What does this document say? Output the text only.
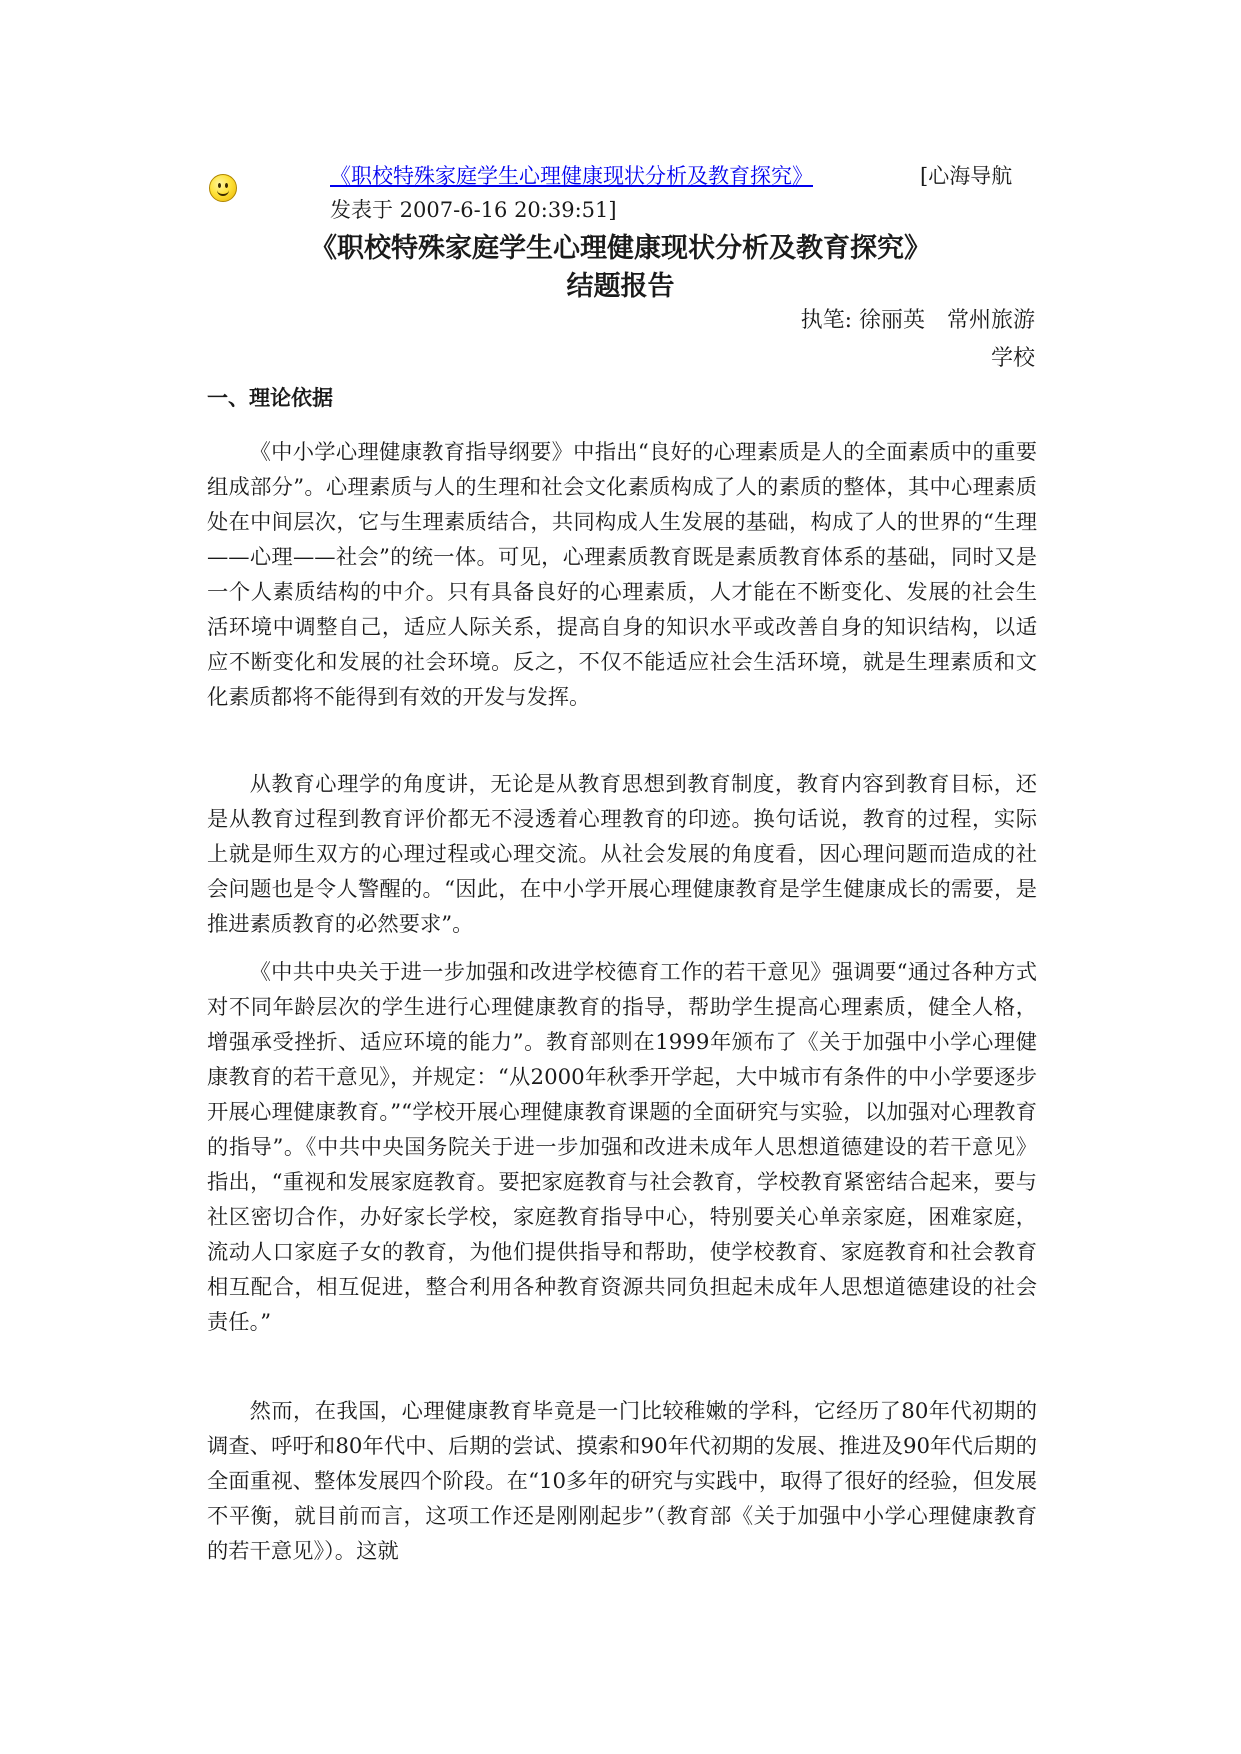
《职校特殊家庭学生心理健康现状分析及教育探究》	[心海导航
发表于 2007-6-16 20:39:51]
《职校特殊家庭学生心理健康现状分析及教育探究》
结题报告
执笔: 徐丽英　常州旅游
学校
一、理论依据

《中小学心理健康教育指导纲要》中指出“良好的心理素质是人的全面素质中的重要组成部分”。心理素质与人的生理和社会文化素质构成了人的素质的整体，其中心理素质处在中间层次，它与生理素质结合，共同构成人生发展的基础，构成了人的世界的“生理——心理——社会”的统一体。可见，心理素质教育既是素质教育体系的基础，同时又是一个人素质结构的中介。只有具备良好的心理素质，人才能在不断变化、发展的社会生活环境中调整自己，适应人际关系，提高自身的知识水平或改善自身的知识结构，以适应不断变化和发展的社会环境。反之，不仅不能适应社会生活环境，就是生理素质和文化素质都将不能得到有效的开发与发挥。

从教育心理学的角度讲，无论是从教育思想到教育制度，教育内容到教育目标，还是从教育过程到教育评价都无不浸透着心理教育的印迹。换句话说，教育的过程，实际上就是师生双方的心理过程或心理交流。从社会发展的角度看，因心理问题而造成的社会问题也是令人警醒的。“因此，在中小学开展心理健康教育是学生健康成长的需要，是推进素质教育的必然要求”。

《中共中央关于进一步加强和改进学校德育工作的若干意见》强调要“通过各种方式对不同年龄层次的学生进行心理健康教育的指导，帮助学生提高心理素质，健全人格，增强承受挫折、适应环境的能力”。教育部则在1999年颁布了《关于加强中小学心理健康教育的若干意见》，并规定：“从2000年秋季开学起，大中城市有条件的中小学要逐步开展心理健康教育。”“学校开展心理健康教育课题的全面研究与实验，以加强对心理教育的指导”。《中共中央国务院关于进一步加强和改进未成年人思想道德建设的若干意见》指出，“重视和发展家庭教育。要把家庭教育与社会教育，学校教育紧密结合起来，要与社区密切合作，办好家长学校，家庭教育指导中心，特别要关心单亲家庭，困难家庭，流动人口家庭子女的教育，为他们提供指导和帮助，使学校教育、家庭教育和社会教育相互配合，相互促进，整合利用各种教育资源共同负担起未成年人思想道德建设的社会责任。”

然而，在我国，心理健康教育毕竟是一门比较稚嫩的学科，它经历了80年代初期的调查、呼吁和80年代中、后期的尝试、摸索和90年代初期的发展、推进及90年代后期的全面重视、整体发展四个阶段。在“10多年的研究与实践中，取得了很好的经验，但发展不平衡，就目前而言，这项工作还是刚刚起步”（教育部《关于加强中小学心理健康教育的若干意见》）。这就
